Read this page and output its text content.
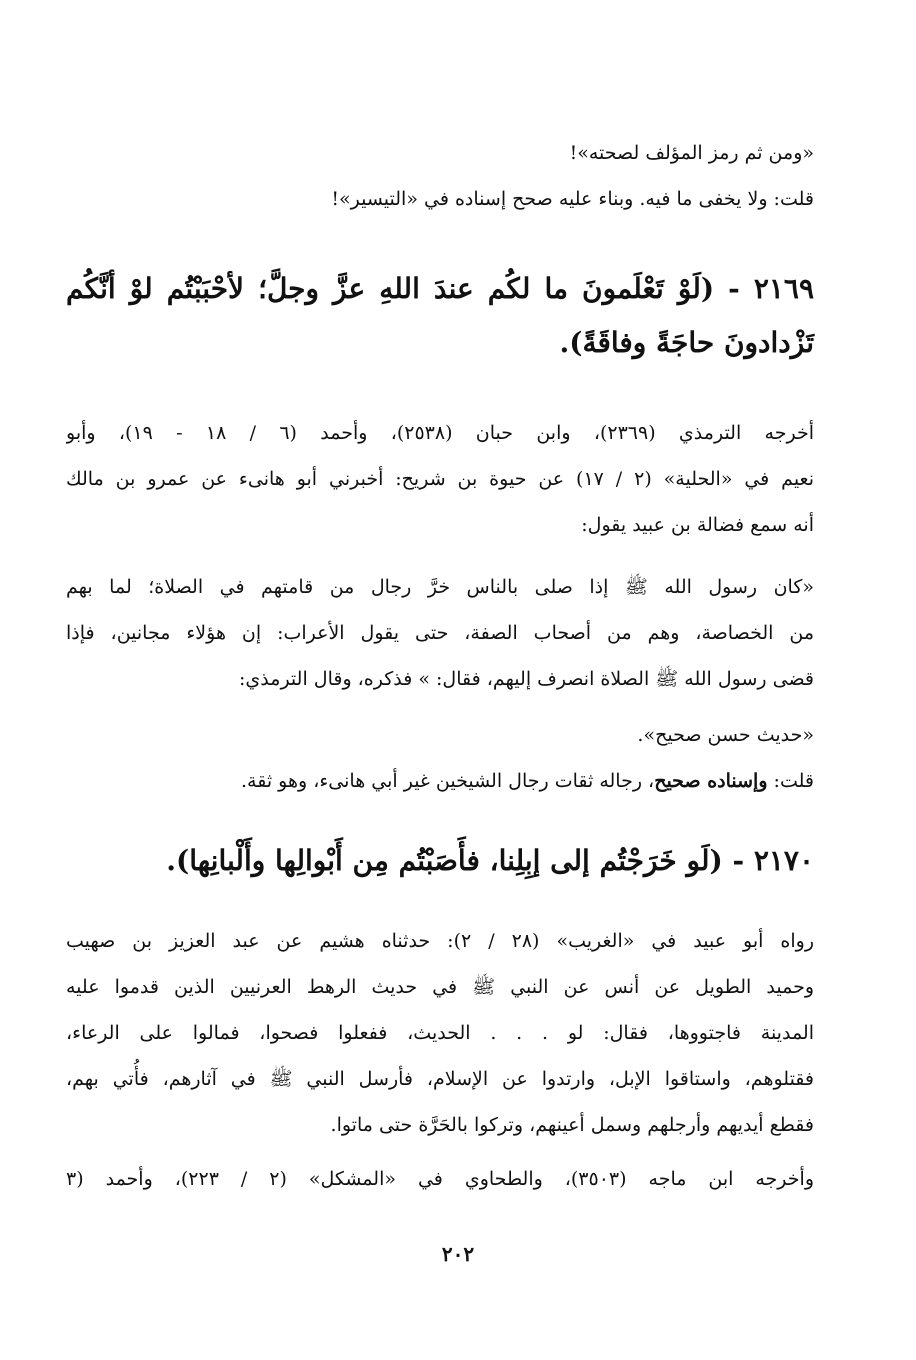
«ومن ثم رمز المؤلف لصحته»!

قلت: ولا يخفى ما فيه. وبناء عليه صحح إسناده في «التيسير»!

٢١٦٩ - (لَوْ تَعْلَمونَ ما لكُم عندَ اللهِ عزَّ وجلَّ؛ لأحْبَبْتُم لوْ أنَّكُم

تَزْدادونَ حاجَةً وفاقَةً).

أخرجه الترمذي (٢٣٦٩)، وابن حبان (٢٥٣٨)، وأحمد (٦ / ١٨ - ١٩)، وأبو

نعيم في «الحلية» (٢ / ١٧) عن حيوة بن شريح: أخبرني أبو هانىء عن عمرو بن مالك

أنه سمع فضالة بن عبيد يقول:

«كان رسول الله ﷺ إذا صلى بالناس خرَّ رجال من قامتهم في الصلاة؛ لما بهم

من الخصاصة، وهم من أصحاب الصفة، حتى يقول الأعراب: إن هؤلاء مجانين، فإذا

قضى رسول الله ﷺ الصلاة انصرف إليهم، فقال: » فذكره، وقال الترمذي:

«حديث حسن صحيح».

قلت: وإسناده صحيح، رجاله ثقات رجال الشيخين غير أبي هانىء، وهو ثقة.

٢١٧٠ - (لَو خَرَجْتُم إلى إبِلِنا، فأَصَبْتُم مِن أَبْوالِها وأَلْبانِها).

رواه أبو عبيد في «الغريب» (٢٨ / ٢): حدثناه هشيم عن عبد العزيز بن صهيب

وحميد الطويل عن أنس عن النبي ﷺ في حديث الرهط العرنيين الذين قدموا عليه

المدينة فاجتووها، فقال: لو . . . الحديث، ففعلوا فصحوا، فمالوا على الرعاء،

فقتلوهم، واستاقوا الإبل، وارتدوا عن الإسلام، فأرسل النبي ﷺ في آثارهم، فأُتي بهم،

فقطع أيديهم وأرجلهم وسمل أعينهم، وتركوا بالحَرَّة حتى ماتوا.

وأخرجه ابن ماجه (٣٥٠٣)، والطحاوي في «المشكل» (٢ / ٢٢٣)، وأحمد (٣

٢٠٢
